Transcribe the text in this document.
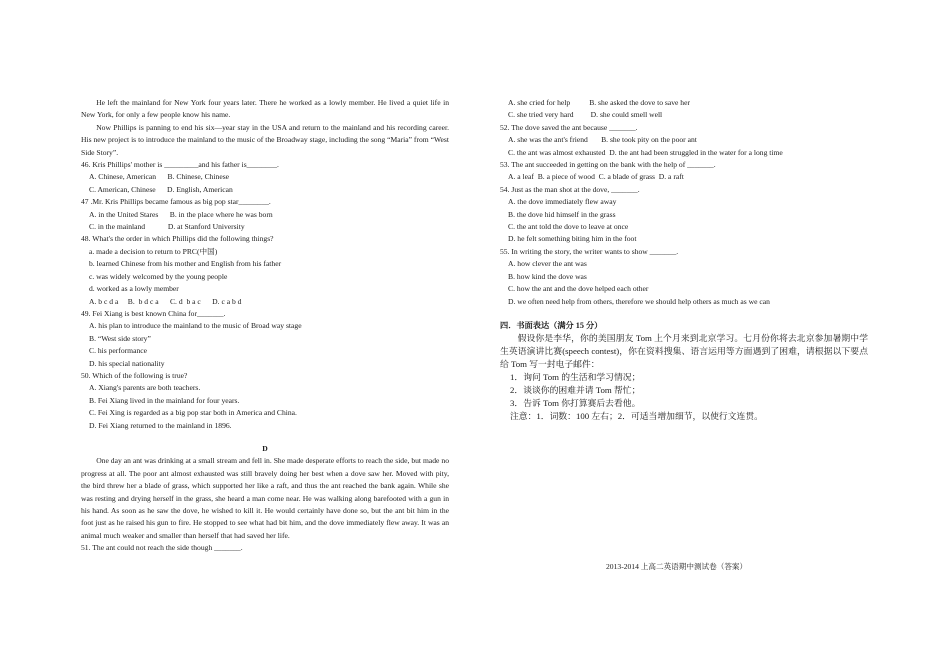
He left the mainland for New York four years later. There he worked as a lowly member. He lived a quiet life in New York, for only a few people know his name.

Now Phillips is panning to end his six—year stay in the USA and return to the mainland and his recording career. His new project is to introduce the mainland to the music of the Broadway stage, including the song “Maria” from “West Side Story”.

46. Kris Phillips' mother is _________and his father is________.

A. Chinese, American      B. Chinese, Chinese

C. American, Chinese      D. English, American

47 .Mr. Kris Phillips became famous as big pop star________.

A. in the United Stares      B. in the place where he was born

C. in the mainland            D. at Stanford University

48. What's the order in which Phillips did the following things?

a. made a decision to return to PRC(中国)

b. learned Chinese from his mother and English from his father

c. was widely welcomed by the young people

d. worked as a lowly member

A. b c d a     B.  b d c a      C. d  b a c      D. c a b d

49. Fei Xiang is best known China for_______.

A. his plan to introduce the mainland to the music of Broad way stage

B. “West side story”

C. his performance

D. his special nationality

50. Which of the following is true?

A. Xiang's parents are both teachers.

B. Fei Xiang lived in the mainland for four years.

C. Fei Xing is regarded as a big pop star both in America and China.

D. Fei Xiang returned to the mainland in 1896.

D

One day an ant was drinking at a small stream and fell in. She made desperate efforts to reach the side, but made no progress at all. The poor ant almost exhausted was still bravely doing her best when a dove saw her. Moved with pity, the bird threw her a blade of grass, which supported her like a raft, and thus the ant reached the bank again. While she was resting and drying herself in the grass, she heard a man come near. He was walking along barefooted with a gun in his hand. As soon as he saw the dove, he wished to kill it. He would certainly have done so, but the ant bit him in the foot just as he raised his gun to fire. He stopped to see what had bit him, and the dove immediately flew away. It was an animal much weaker and smaller than herself that had saved her life.

51. The ant could not reach the side though _______.

A. she cried for help          B. she asked the dove to save her

C. she tried very hard         D. she could smell well

52. The dove saved the ant because _______.

A. she was the ant's friend       B. she took pity on the poor ant

C. the ant was almost exhausted  D. the ant had been struggled in the water for a long time

53. The ant succeeded in getting on the bank with the help of _______.

A. a leaf  B. a piece of wood  C. a blade of grass  D. a raft

54. Just as the man shot at the dove, _______.

A. the dove immediately flew away

B. the dove hid himself in the grass

C. the ant told the dove to leave at once

D. he felt something biting him in the foot

55. In writing the story, the writer wants to show _______.

A. how clever the ant was

B. how kind the dove was

C. how the ant and the dove helped each other

D. we often need help from others, therefore we should help others as much as we can

四．书面表达（满分 15 分）

假设你是李华，你的美国朋友 Tom 上个月来到北京学习。七月份你将去北京参加暑期中学生英语演讲比赛(speech contest)，你在资料搜集、语言运用等方面遇到了困难，请根据以下要点给 Tom 写一封电子邮件：

1．询问 Tom 的生活和学习情况；

2．谈谈你的困难并请 Tom 帮忙；

3．告诉 Tom 你打算赛后去看他。

注意：1．词数：100 左右；2．可适当增加细节，以使行文连贯。

2013-2014 上高二英语期中测试卷（答案）
